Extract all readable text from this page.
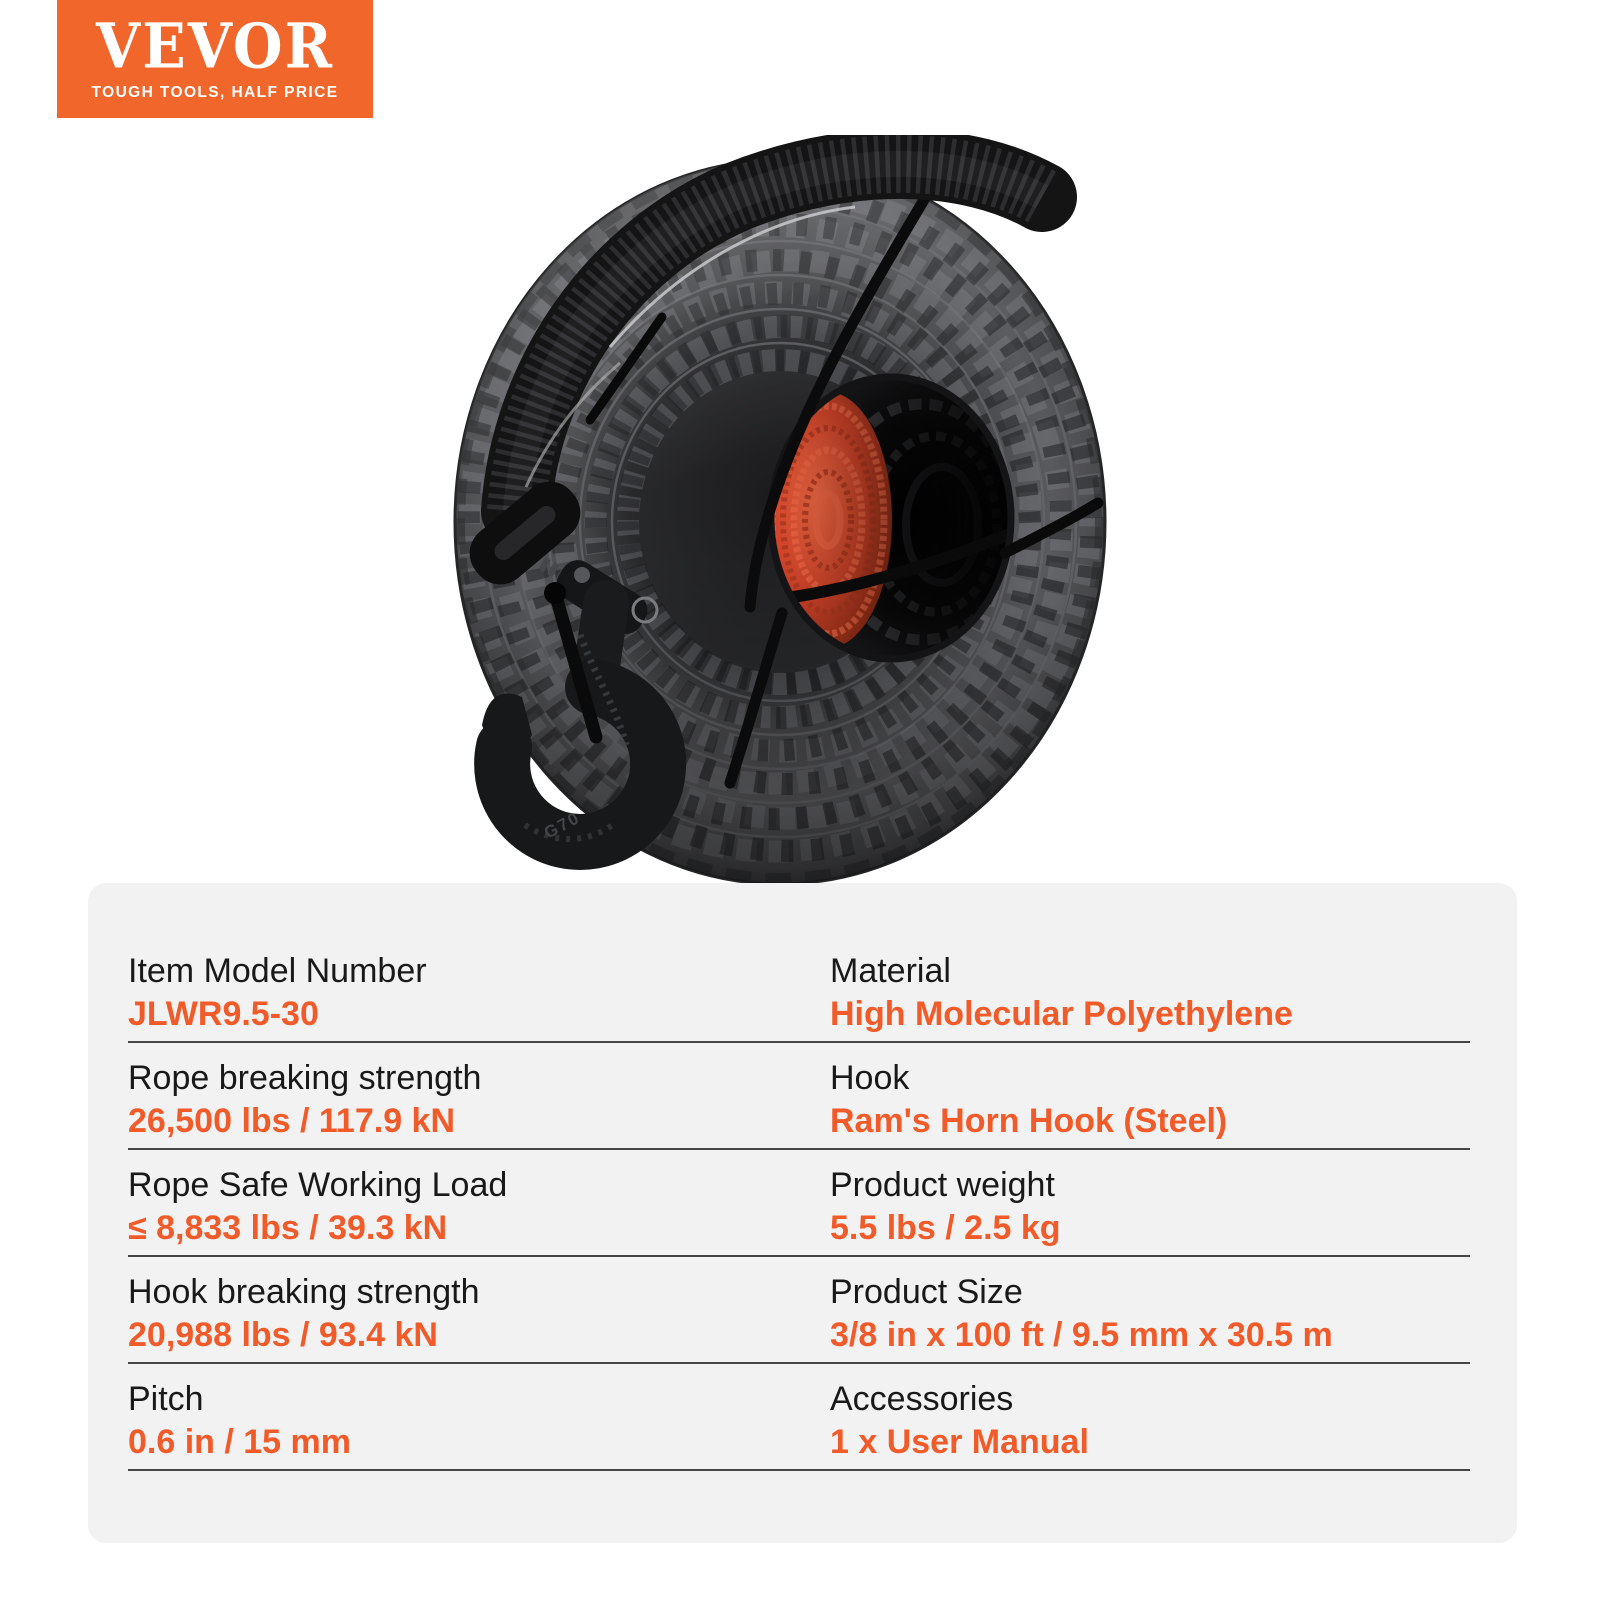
VEVOR
TOUGH TOOLS, HALF PRICE
G70
Item Model Number
JLWR9.5-30
Material
High Molecular Polyethylene
Rope breaking strength
26,500 lbs / 117.9 kN
Hook
Ram's Horn Hook (Steel)
Rope Safe Working Load
≤ 8,833 lbs / 39.3 kN
Product weight
5.5 lbs / 2.5 kg
Hook breaking strength
20,988 lbs / 93.4 kN
Product Size
3/8 in x 100 ft / 9.5 mm x 30.5 m
Pitch
0.6 in / 15 mm
Accessories
1 x User Manual
